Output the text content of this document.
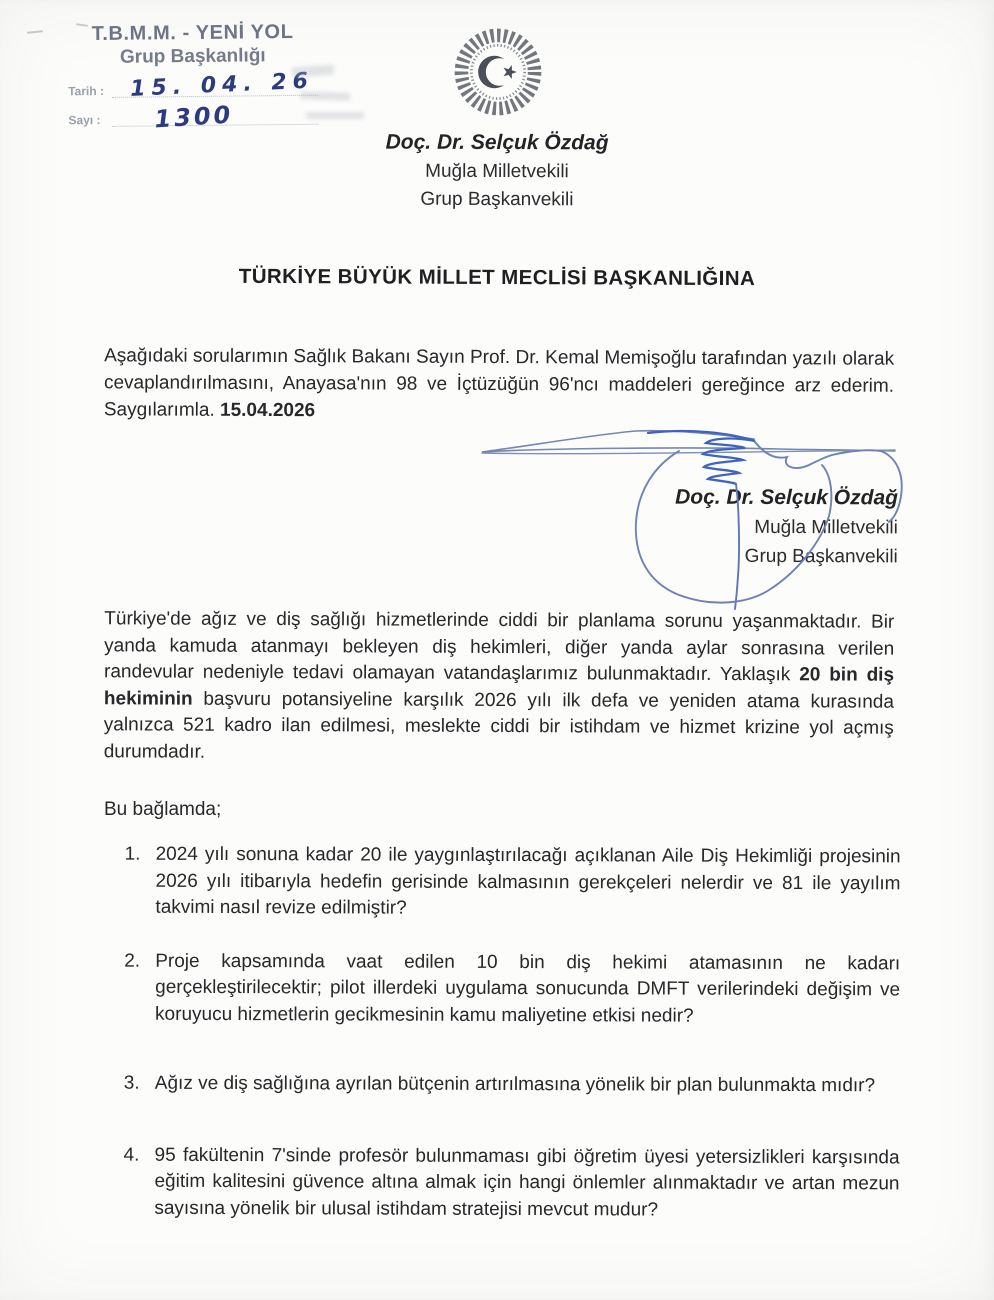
T.B.M.M. - YENİ YOL
Grup Başkanlığı
Tarih :	15. 04. 26
Sayı :	1300
Doç. Dr. Selçuk Özdağ
Muğla Milletvekili
Grup Başkanvekili
TÜRKİYE BÜYÜK MİLLET MECLİSİ BAŞKANLIĞINA
Aşağıdaki sorularımın Sağlık Bakanı Sayın Prof. Dr. Kemal Memişoğlu tarafından yazılı olarak cevaplandırılmasını, Anayasa'nın 98 ve İçtüzüğün 96'ncı maddeleri gereğince arz ederim. Saygılarımla. 15.04.2026
Doç. Dr. Selçuk Özdağ
Muğla Milletvekili
Grup Başkanvekili
Türkiye'de ağız ve diş sağlığı hizmetlerinde ciddi bir planlama sorunu yaşanmaktadır. Bir yanda kamuda atanmayı bekleyen diş hekimleri, diğer yanda aylar sonrasına verilen randevular nedeniyle tedavi olamayan vatandaşlarımız bulunmaktadır. Yaklaşık 20 bin diş hekiminin başvuru potansiyeline karşılık 2026 yılı ilk defa ve yeniden atama kurasında yalnızca 521 kadro ilan edilmesi, meslekte ciddi bir istihdam ve hizmet krizine yol açmış durumdadır.
Bu bağlamda;
1. 2024 yılı sonuna kadar 20 ile yaygınlaştırılacağı açıklanan Aile Diş Hekimliği projesinin 2026 yılı itibarıyla hedefin gerisinde kalmasının gerekçeleri nelerdir ve 81 ile yayılım takvimi nasıl revize edilmiştir?
2. Proje kapsamında vaat edilen 10 bin diş hekimi atamasının ne kadarı gerçekleştirilecektir; pilot illerdeki uygulama sonucunda DMFT verilerindeki değişim ve koruyucu hizmetlerin gecikmesinin kamu maliyetine etkisi nedir?
3. Ağız ve diş sağlığına ayrılan bütçenin artırılmasına yönelik bir plan bulunmakta mıdır?
4. 95 fakültenin 7'sinde profesör bulunmaması gibi öğretim üyesi yetersizlikleri karşısında eğitim kalitesini güvence altına almak için hangi önlemler alınmaktadır ve artan mezun sayısına yönelik bir ulusal istihdam stratejisi mevcut mudur?
